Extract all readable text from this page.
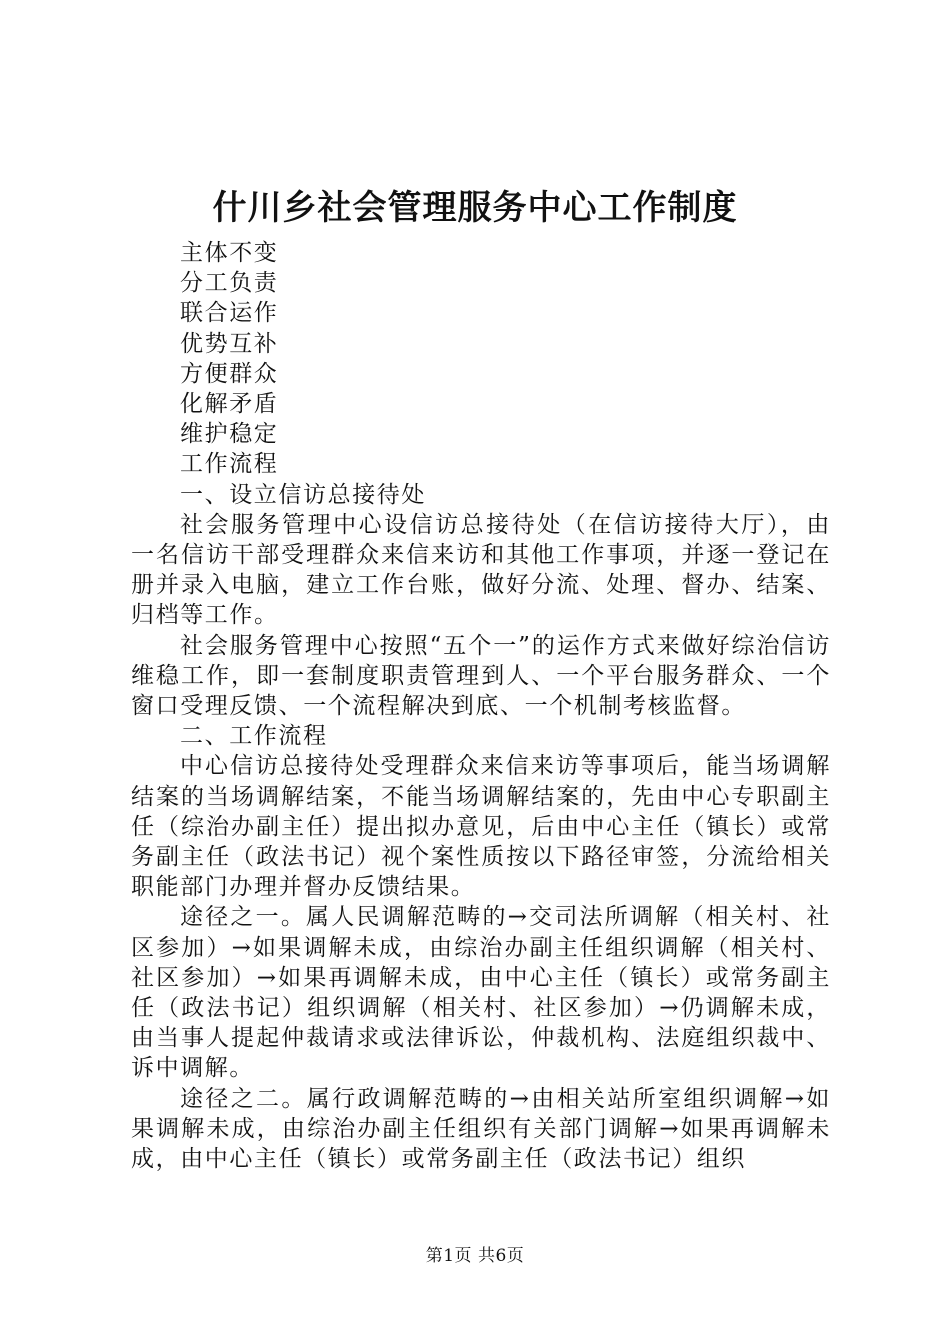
什川乡社会管理服务中心工作制度

主体不变

分工负责

联合运作

优势互补

方便群众

化解矛盾

维护稳定

工作流程

一、设立信访总接待处

社会服务管理中心设信访总接待处（在信访接待大厅），由一名信访干部受理群众来信来访和其他工作事项，并逐一登记在册并录入电脑，建立工作台账，做好分流、处理、督办、结案、归档等工作。

社会服务管理中心按照“五个一”的运作方式来做好综治信访维稳工作，即一套制度职责管理到人、一个平台服务群众、一个窗口受理反馈、一个流程解决到底、一个机制考核监督。

二、工作流程

中心信访总接待处受理群众来信来访等事项后，能当场调解结案的当场调解结案，不能当场调解结案的，先由中心专职副主任（综治办副主任）提出拟办意见，后由中心主任（镇长）或常务副主任（政法书记）视个案性质按以下路径审签，分流给相关职能部门办理并督办反馈结果。

途径之一。属人民调解范畴的→交司法所调解（相关村、社区参加）→如果调解未成，由综治办副主任组织调解（相关村、社区参加）→如果再调解未成，由中心主任（镇长）或常务副主任（政法书记）组织调解（相关村、社区参加）→仍调解未成，由当事人提起仲裁请求或法律诉讼，仲裁机构、法庭组织裁中、诉中调解。

途径之二。属行政调解范畴的→由相关站所室组织调解→如果调解未成，由综治办副主任组织有关部门调解→如果再调解未成，由中心主任（镇长）或常务副主任（政法书记）组织

第1页 共6页
